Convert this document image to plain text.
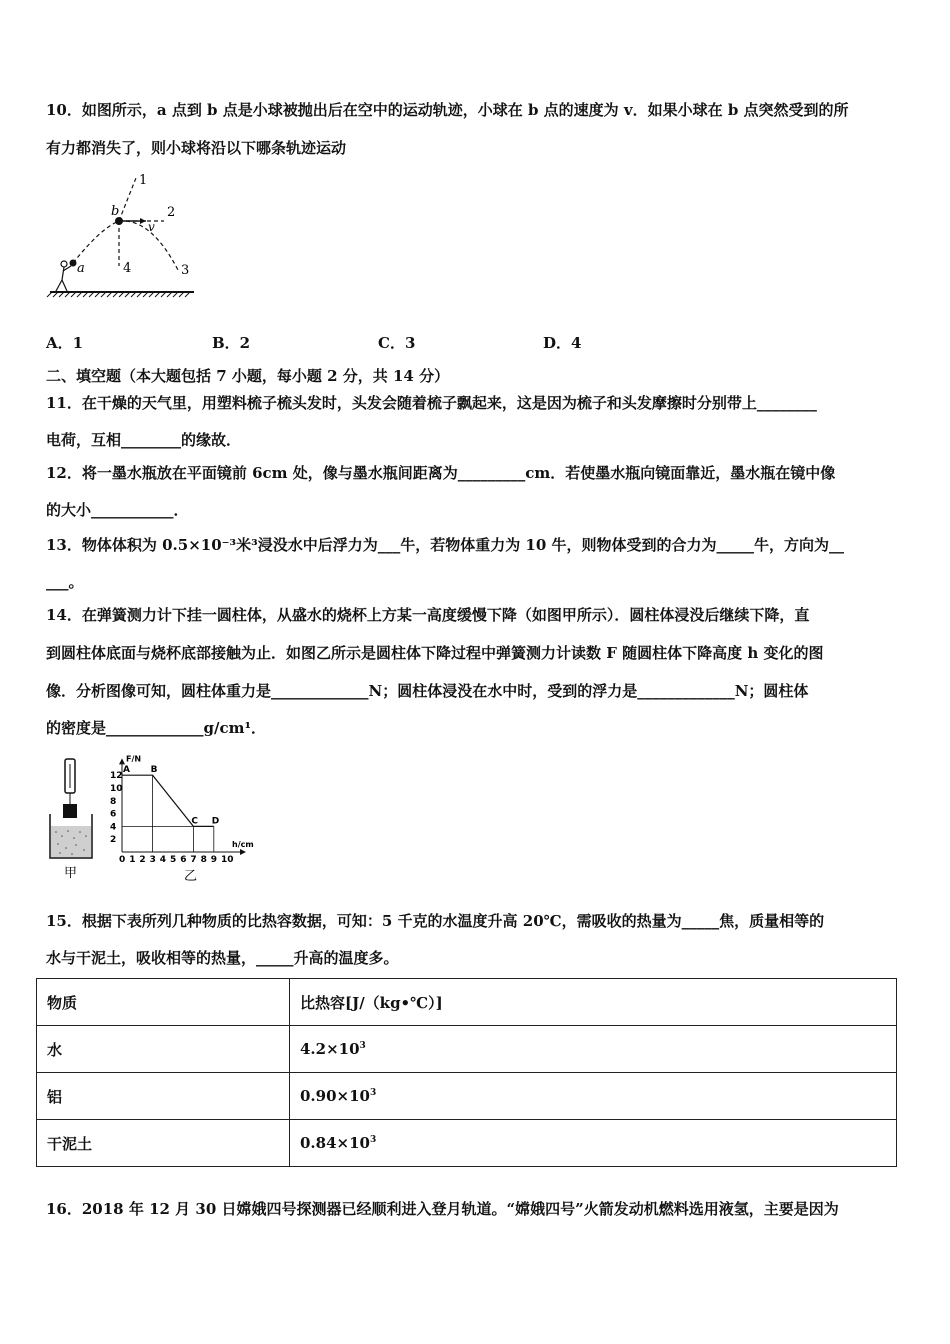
10．如图所示，a 点到 b 点是小球被抛出后在空中的运动轨迹，小球在 b 点的速度为 v．如果小球在 b 点突然受到的所
有力都消失了，则小球将沿以下哪条轨迹运动
1
2
3
4
a
b
v
A．1	B．2	C．3	D．4
二、填空题（本大题包括 7 小题，每小题 2 分，共 14 分）
11．在干燥的天气里，用塑料梳子梳头发时，头发会随着梳子飘起来，这是因为梳子和头发摩擦时分别带上________
电荷，互相________的缘故．
12．将一墨水瓶放在平面镜前 6cm 处，像与墨水瓶间距离为_________cm．若使墨水瓶向镜面靠近，墨水瓶在镜中像
的大小___________．
13．物体体积为 0.5×10⁻³米³浸没水中后浮力为___牛，若物体重力为 10 牛，则物体受到的合力为_____牛，方向为__
___。
14．在弹簧测力计下挂一圆柱体，从盛水的烧杯上方某一高度缓慢下降（如图甲所示）．圆柱体浸没后继续下降，直
到圆柱体底面与烧杯底部接触为止．如图乙所示是圆柱体下降过程中弹簧测力计读数 F 随圆柱体下降高度 h 变化的图
像．分析图像可知，圆柱体重力是_____________N；圆柱体浸没在水中时，受到的浮力是_____________N；圆柱体
的密度是_____________g/cm¹．
甲
0 1 2 3 4 5 6 7 8 9 10
2
4
6
8
10
12
A B
C D
F/N
h/cm
乙
15．根据下表所列几种物质的比热容数据，可知：5 千克的水温度升高 20℃，需吸收的热量为_____焦，质量相等的
水与干泥土，吸收相等的热量，_____升高的温度多。
物质	比热容[J/（kg•℃）]
水	$4.2\times 10^3$
铝	$0.90\times 10^3$
干泥土	$0.84\times 10^3$
16．2018 年 12 月 30 日嫦娥四号探测器已经顺利进入登月轨道。“嫦娥四号”火箭发动机燃料选用液氢，主要是因为
